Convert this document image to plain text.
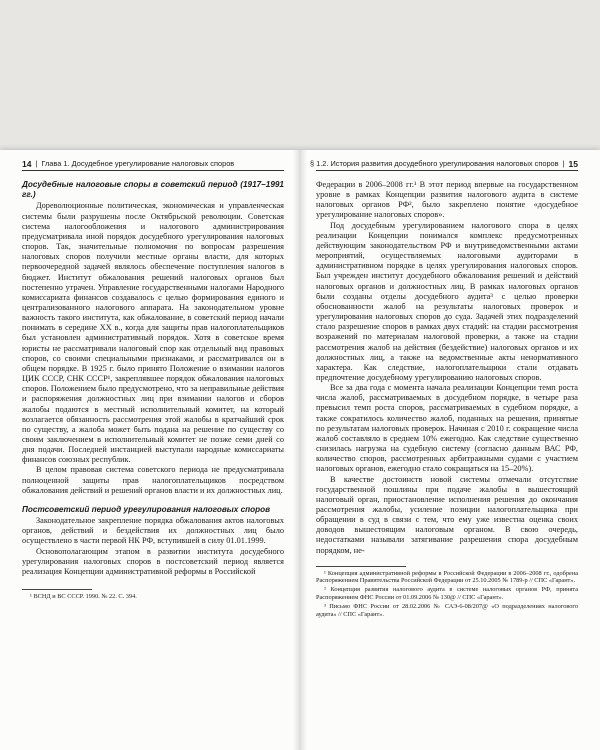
14 | Глава 1. Досудебное урегулирование налоговых споров
Досудебные налоговые споры в советский период (1917–1991 гг.)

Дореволюционные политическая, экономическая и управленческая системы были разрушены после Октябрьской революции. Советская система налогообложения и налогового администрирования предусматривала иной порядок досудебного урегулирования налоговых споров. Так, значительные полномочия по вопросам разрешения налоговых споров получили местные органы власти, для которых первоочередной задачей являлось обеспечение поступления налогов в бюджет. Институт обжалования решений налоговых органов был постепенно утрачен. Управление государственными налогами Народного комиссариата финансов создавалось с целью формирования единого и централизованного налогового аппарата. На законодательном уровне важность такого института, как обжалование, в советский период начали понимать в середине XX в., когда для защиты прав налогоплательщиков был установлен административный порядок. Хотя в советское время юристы не рассматривали налоговый спор как отдельный вид правовых споров, со своими специальными признаками, и рассматривался он в общем порядке. В 1925 г. было принято Положение о взимании налогов ЦИК СССР, СНК СССР¹, закреплявшее порядок обжалования налоговых споров. Положением было предусмотрено, что за неправильные действия и распоряжения должностных лиц при взимании налогов и сборов жалобы подаются в местный исполнительный комитет, на который возлагается обязанность рассмотрения этой жалобы в кратчайший срок по существу, а жалоба может быть подана на решение по существу со своим заключением в исполнительный комитет не позже семи дней со дня подачи. Последней инстанцией выступали народные комиссариаты финансов союзных республик.

В целом правовая система советского периода не предусматривала полноценной защиты прав налогоплательщиков посредством обжалования действий и решений органов власти и их должностных лиц.

Постсоветский период урегулирования налоговых споров

Законодательное закрепление порядка обжалования актов налоговых органов, действий и бездействия их должностных лиц было осуществлено в части первой НК РФ, вступившей в силу 01.01.1999.

Основополагающим этапом в развитии института досудебного урегулирования налоговых споров в постсоветский период является реализация Концепции административной реформы в Российской

¹ ВСНД и ВС СССР. 1990. № 22. С. 394.

§ 1.2. История развития досудебного урегулирования налоговых споров | 15

Федерации в 2006–2008 гг.¹ В этот период впервые на государственном уровне в рамках Концепции развития налогового аудита в системе налоговых органов РФ², было закреплено понятие «досудебное урегулирование налоговых споров».

Под досудебным урегулированием налогового спора в целях реализации Концепции понимался комплекс предусмотренных действующим законодательством РФ и внутриведомственными актами мероприятий, осуществляемых налоговыми аудиторами в административном порядке в целях урегулирования налоговых споров. Был учрежден институт досудебного обжалования решений и действий налоговых органов и должностных лиц. В рамках налоговых органов были созданы отделы досудебного аудита³ с целью проверки обоснованности жалоб на результаты налоговых проверок и урегулирования налоговых споров до суда. Задачей этих подразделений стало разрешение споров в рамках двух стадий: на стадии рассмотрения возражений по материалам налоговой проверки, а также на стадии рассмотрения жалоб на действия (бездействие) налоговых органов и их должностных лиц, а также на ведомственные акты ненормативного характера. Как следствие, налогоплательщики стали отдавать предпочтение досудебному урегулированию налоговых споров.

Все за два года с момента начала реализации Концепции темп роста числа жалоб, рассматриваемых в досудебном порядке, в четыре раза превысил темп роста споров, рассматриваемых в судебном порядке, а также сократилось количество жалоб, поданных на решения, принятые по результатам налоговых проверок. Начиная с 2010 г. сокращение числа жалоб составляло в среднем 10% ежегодно. Как следствие существенно снизилась нагрузка на судебную систему (согласно данным ВАС РФ, количество споров, рассмотренных арбитражными судами с участием налоговых органов, ежегодно стало сокращаться на 15–20%).

В качестве достоинств новой системы отмечали отсутствие государственной пошлины при подаче жалобы в вышестоящий налоговый орган, приостановление исполнения решения до окончания рассмотрения жалобы, усиление позиции налогоплательщика при обращении в суд в связи с тем, что ему уже известна оценка своих доводов вышестоящим налоговым органом. В свою очередь, недостатками называли затягивание разрешения спора досудебным порядком, не-

¹ Концепция административной реформы в Российской Федерации в 2006–2008 гг., одобрена Распоряжением Правительства Российской Федерации от 25.10.2005 № 1789-р // СПС «Гарант».

² Концепция развития налогового аудита в системе налоговых органов РФ, принята Распоряжением ФНС России от 01.09.2006 № 130@ // СПС «Гарант».

³ Письмо ФНС России от 28.02.2006 № САЭ-6-08/207@ «О подразделениях налогового аудита» // СПС «Гарант».
